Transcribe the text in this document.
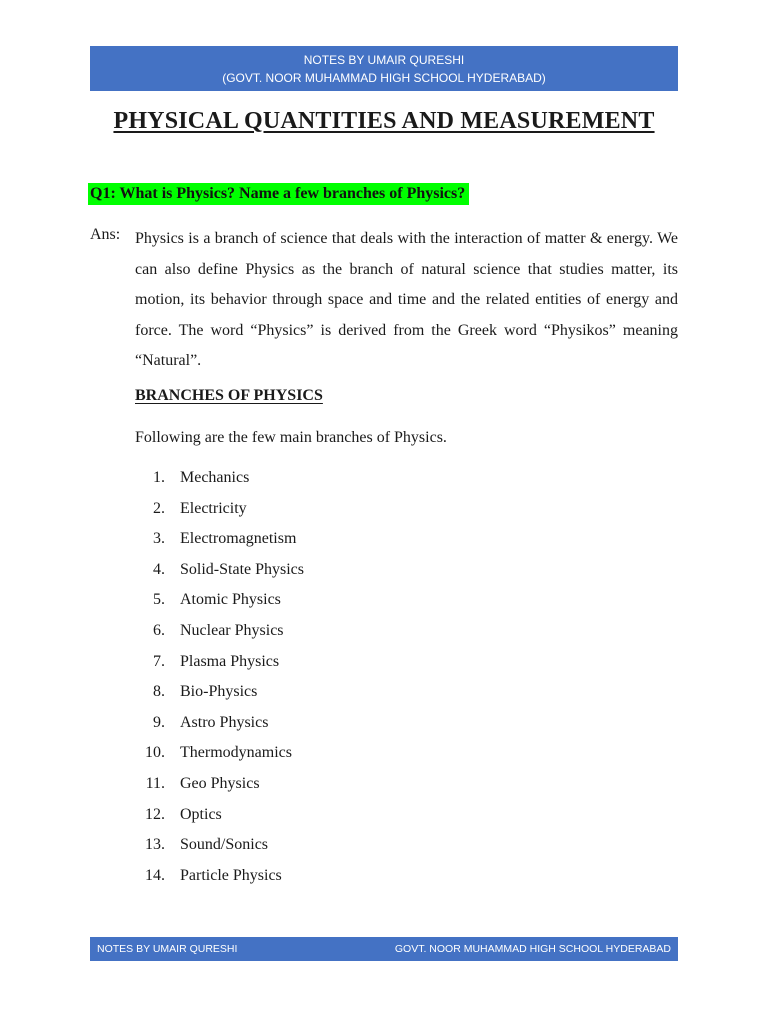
NOTES BY UMAIR QURESHI
(GOVT. NOOR MUHAMMAD HIGH SCHOOL HYDERABAD)
PHYSICAL QUANTITIES AND MEASUREMENT
Q1: What is Physics? Name a few branches of Physics?
Ans: Physics is a branch of science that deals with the interaction of matter & energy. We can also define Physics as the branch of natural science that studies matter, its motion, its behavior through space and time and the related entities of energy and force. The word “Physics” is derived from the Greek word “Physikos” meaning “Natural”.

BRANCHES OF PHYSICS

Following are the few main branches of Physics.

1. Mechanics
2. Electricity
3. Electromagnetism
4. Solid-State Physics
5. Atomic Physics
6. Nuclear Physics
7. Plasma Physics
8. Bio-Physics
9. Astro Physics
10. Thermodynamics
11. Geo Physics
12. Optics
13. Sound/Sonics
14. Particle Physics
NOTES BY UMAIR QURESHI	GOVT. NOOR MUHAMMAD HIGH SCHOOL HYDERABAD
